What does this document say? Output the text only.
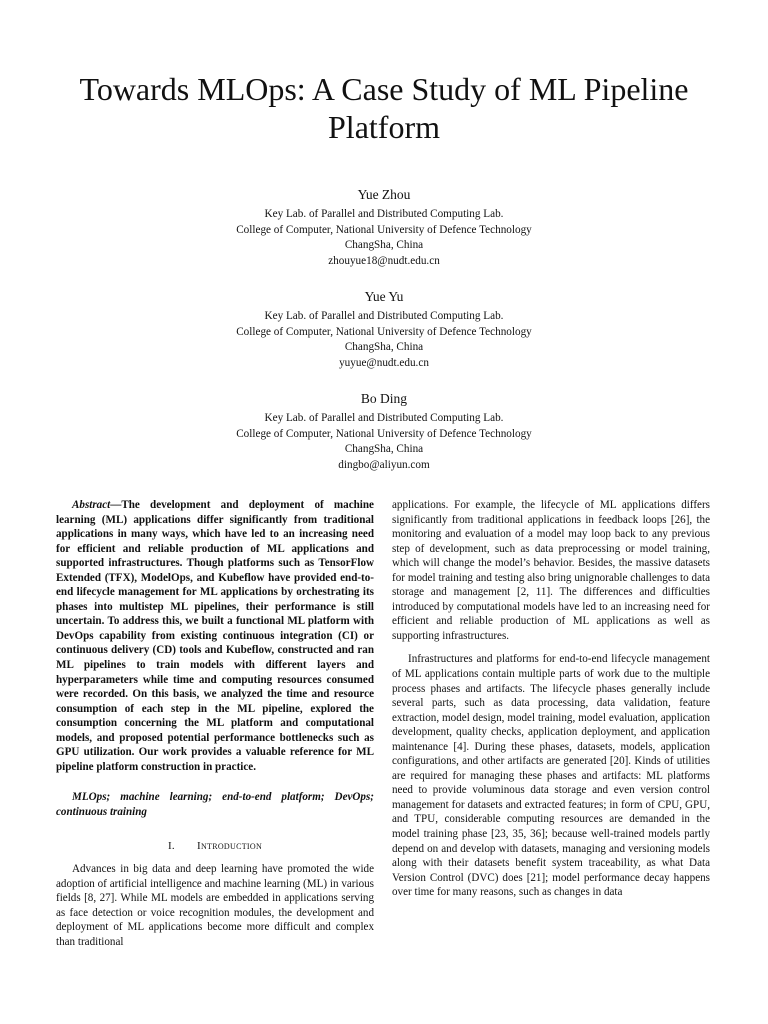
Towards MLOps: A Case Study of ML Pipeline Platform
Yue Zhou
Key Lab. of Parallel and Distributed Computing Lab.
College of Computer, National University of Defence Technology
ChangSha, China
zhouyue18@nudt.edu.cn
Yue Yu
Key Lab. of Parallel and Distributed Computing Lab.
College of Computer, National University of Defence Technology
ChangSha, China
yuyue@nudt.edu.cn
Bo Ding
Key Lab. of Parallel and Distributed Computing Lab.
College of Computer, National University of Defence Technology
ChangSha, China
dingbo@aliyun.com

Abstract—The development and deployment of machine learning (ML) applications differ significantly from traditional applications in many ways, which have led to an increasing need for efficient and reliable production of ML applications and supported infrastructures. Though platforms such as TensorFlow Extended (TFX), ModelOps, and Kubeflow have provided end-to-end lifecycle management for ML applications by orchestrating its phases into multistep ML pipelines, their performance is still uncertain. To address this, we built a functional ML platform with DevOps capability from existing continuous integration (CI) or continuous delivery (CD) tools and Kubeflow, constructed and ran ML pipelines to train models with different layers and hyperparameters while time and computing resources consumed were recorded. On this basis, we analyzed the time and resource consumption of each step in the ML pipeline, explored the consumption concerning the ML platform and computational models, and proposed potential performance bottlenecks such as GPU utilization. Our work provides a valuable reference for ML pipeline platform construction in practice.

MLOps; machine learning; end-to-end platform; DevOps; continuous training

I. Introduction

Advances in big data and deep learning have promoted the wide adoption of artificial intelligence and machine learning (ML) in various fields [8, 27]. While ML models are embedded in applications serving as face detection or voice recognition modules, the development and deployment of ML applications become more difficult and complex than traditional

applications. For example, the lifecycle of ML applications differs significantly from traditional applications in feedback loops [26], the monitoring and evaluation of a model may loop back to any previous step of development, such as data preprocessing or model training, which will change the model’s behavior. Besides, the massive datasets for model training and testing also bring unignorable challenges to data storage and management [2, 11]. The differences and difficulties introduced by computational models have led to an increasing need for efficient and reliable production of ML applications as well as supporting infrastructures.

Infrastructures and platforms for end-to-end lifecycle management of ML applications contain multiple parts of work due to the multiple process phases and artifacts. The lifecycle phases generally include several parts, such as data processing, data validation, feature extraction, model design, model training, model evaluation, application development, quality checks, application deployment, and application maintenance [4]. During these phases, datasets, models, application configurations, and other artifacts are generated [20]. Kinds of utilities are required for managing these phases and artifacts: ML platforms need to provide voluminous data storage and even version control management for datasets and extracted features; in form of CPU, GPU, and TPU, considerable computing resources are demanded in the model training phase [23, 35, 36]; because well-trained models partly depend on and develop with datasets, managing and versioning models along with their datasets benefit system traceability, as what Data Version Control (DVC) does [21]; model performance decay happens over time for many reasons, such as changes in data
